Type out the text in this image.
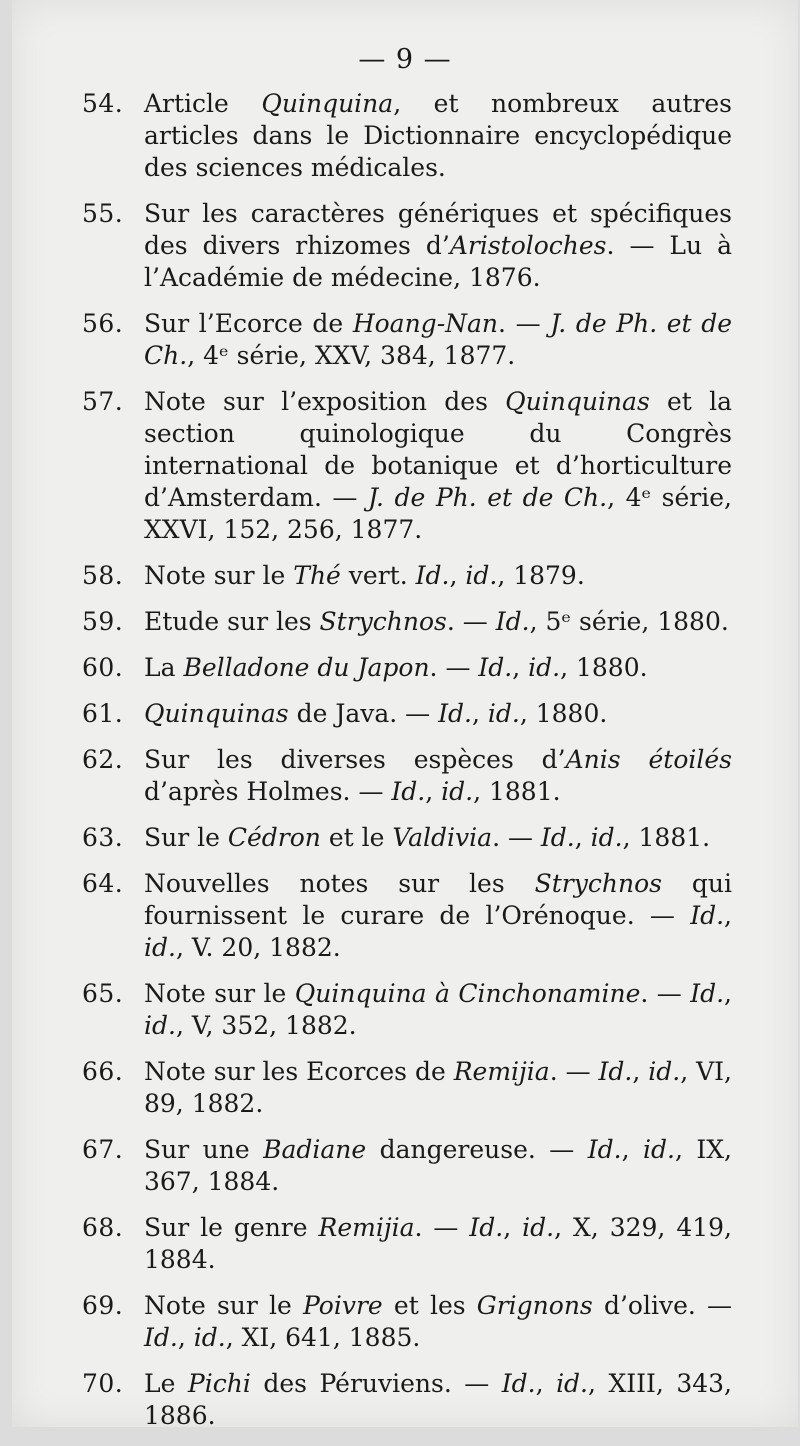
— 9 —
54. Article Quinquina, et nombreux autres articles dans le Dictionnaire encyclopédique des sciences médicales.
55. Sur les caractères génériques et spécifiques des divers rhizomes d’Aristoloches. — Lu à l’Académie de médecine, 1876.
56. Sur l’Ecorce de Hoang-Nan. — J. de Ph. et de Ch., 4ᵉ série, XXV, 384, 1877.
57. Note sur l’exposition des Quinquinas et la section quinologique du Congrès international de botanique et d’horticulture d’Amsterdam. — J. de Ph. et de Ch., 4ᵉ série, XXVI, 152, 256, 1877.
58. Note sur le Thé vert. Id., id., 1879.
59. Etude sur les Strychnos. — Id., 5ᵉ série, 1880.
60. La Belladone du Japon. — Id., id., 1880.
61. Quinquinas de Java. — Id., id., 1880.
62. Sur les diverses espèces d’Anis étoilés d’après Holmes. — Id., id., 1881.
63. Sur le Cédron et le Valdivia. — Id., id., 1881.
64. Nouvelles notes sur les Strychnos qui fournissent le curare de l’Orénoque. — Id., id., V. 20, 1882.
65. Note sur le Quinquina à Cinchonamine. — Id., id., V, 352, 1882.
66. Note sur les Ecorces de Remijia. — Id., id., VI, 89, 1882.
67. Sur une Badiane dangereuse. — Id., id., IX, 367, 1884.
68. Sur le genre Remijia. — Id., id., X, 329, 419, 1884.
69. Note sur le Poivre et les Grignons d’olive. — Id., id., XI, 641, 1885.
70. Le Pichi des Péruviens. — Id., id., XIII, 343, 1886.
